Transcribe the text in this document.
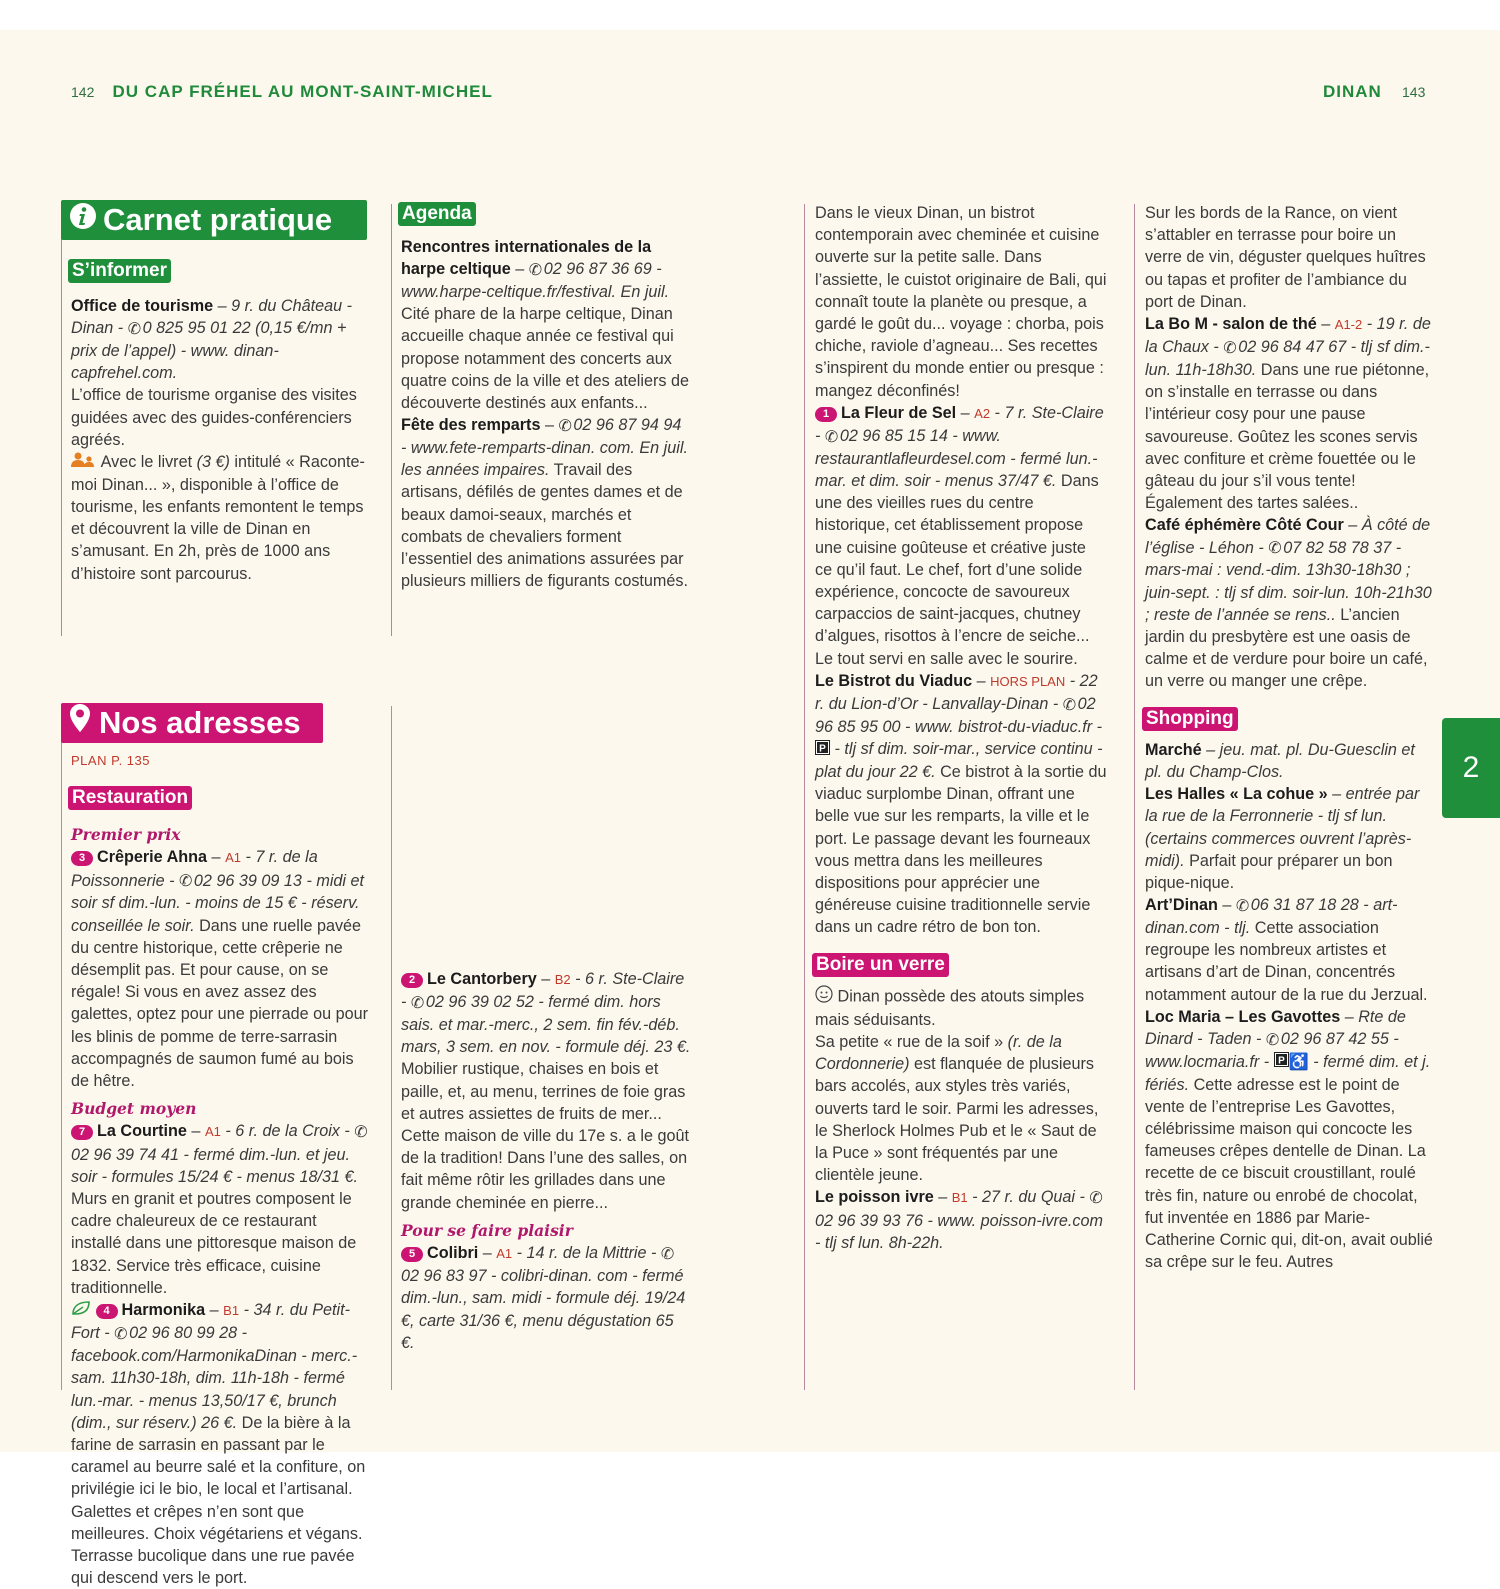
142 DU CAP FRÉHEL AU MONT-SAINT-MICHEL	DINAN 143
2
Carnet pratique

S’informer

Office de tourisme – 9 r. du Château - Dinan - ✆ 0 825 95 01 22 (0,15 €/mn + prix de l’appel) - www. dinan-capfrehel.com.

L’office de tourisme organise des visites guidées avec des guides-conférenciers agréés.

Avec le livret (3 €) intitulé « Raconte-moi Dinan... », disponible à l’office de tourisme, les enfants remontent le temps et découvrent la ville de Dinan en s’amusant. En 2h, près de 1000 ans d’histoire sont parcourus.

Agenda

Rencontres internationales de la harpe celtique – ✆ 02 96 87 36 69 - www.harpe-celtique.fr/festival. En juil. Cité phare de la harpe celtique, Dinan accueille chaque année ce festival qui propose notamment des concerts aux quatre coins de la ville et des ateliers de découverte destinés aux enfants...

Fête des remparts – ✆ 02 96 87 94 94 - www.fete-remparts-dinan. com. En juil. les années impaires. Travail des artisans, défilés de gentes dames et de beaux damoi-seaux, marchés et combats de chevaliers forment l’essentiel des animations assurées par plusieurs milliers de figurants costumés.

Nos adresses

PLAN P. 135

Restauration

Premier prix

3 Crêperie Ahna – A1 - 7 r. de la Poissonnerie - ✆ 02 96 39 09 13 - midi et soir sf dim.-lun. - moins de 15 € - réserv. conseillée le soir. Dans une ruelle pavée du centre historique, cette crêperie ne désemplit pas. Et pour cause, on se régale! Si vous en avez assez des galettes, optez pour une pierrade ou pour les blinis de pomme de terre-sarrasin accompagnés de saumon fumé au bois de hêtre.

Budget moyen

7 La Courtine – A1 - 6 r. de la Croix - ✆ 02 96 39 74 41 - fermé dim.-lun. et jeu. soir - formules 15/24 € - menus 18/31 €. Murs en granit et poutres composent le cadre chaleureux de ce restaurant installé dans une pittoresque maison de 1832. Service très efficace, cuisine traditionnelle.

4 Harmonika – B1 - 34 r. du Petit-Fort - ✆ 02 96 80 99 28 - facebook.com/HarmonikaDinan - merc.-sam. 11h30-18h, dim. 11h-18h - fermé lun.-mar. - menus 13,50/17 €, brunch (dim., sur réserv.) 26 €. De la bière à la farine de sarrasin en passant par le caramel au beurre salé et la confiture, on privilégie ici le bio, le local et l’artisanal. Galettes et crêpes n’en sont que meilleures. Choix végétariens et végans. Terrasse bucolique dans une rue pavée qui descend vers le port.

2 Le Cantorbery – B2 - 6 r. Ste-Claire - ✆ 02 96 39 02 52 - fermé dim. hors sais. et mar.-merc., 2 sem. fin fév.-déb. mars, 3 sem. en nov. - formule déj. 23 €. Mobilier rustique, chaises en bois et paille, et, au menu, terrines de foie gras et autres assiettes de fruits de mer... Cette maison de ville du 17e s. a le goût de la tradition! Dans l’une des salles, on fait même rôtir les grillades dans une grande cheminée en pierre...

Pour se faire plaisir

5 Colibri – A1 - 14 r. de la Mittrie - ✆ 02 96 83 97 - colibri-dinan. com - fermé dim.-lun., sam. midi - formule déj. 19/24 €, carte 31/36 €, menu dégustation 65 €.

Dans le vieux Dinan, un bistrot contemporain avec cheminée et cuisine ouverte sur la petite salle. Dans l’assiette, le cuistot originaire de Bali, qui connaît toute la planète ou presque, a gardé le goût du... voyage : chorba, pois chiche, raviole d’agneau... Ses recettes s’inspirent du monde entier ou presque : mangez déconfinés!

1 La Fleur de Sel – A2 - 7 r. Ste-Claire - ✆ 02 96 85 15 14 - www. restaurantlafleurdesel.com - fermé lun.-mar. et dim. soir - menus 37/47 €. Dans une des vieilles rues du centre historique, cet établissement propose une cuisine goûteuse et créative juste ce qu’il faut. Le chef, fort d’une solide expérience, concocte de savoureux carpaccios de saint-jacques, chutney d’algues, risottos à l’encre de seiche... Le tout servi en salle avec le sourire.

Le Bistrot du Viaduc – HORS PLAN - 22 r. du Lion-d’Or - Lanvallay-Dinan - ✆ 02 96 85 95 00 - www. bistrot-du-viaduc.fr -
P - tlj sf dim. soir-mar., service continu - plat du jour 22 €. Ce bistrot à la sortie du viaduc surplombe Dinan, offrant une belle vue sur les remparts, la ville et le port. Le passage devant les fourneaux vous mettra dans les meilleures dispositions pour apprécier une généreuse cuisine traditionnelle servie dans un cadre rétro de bon ton.

Boire un verre

Dinan possède des atouts simples mais séduisants.

Sa petite « rue de la soif » (r. de la Cordonnerie) est flanquée de plusieurs bars accolés, aux styles très variés, ouverts tard le soir. Parmi les adresses, le Sherlock Holmes Pub et le « Saut de la Puce » sont fréquentés par une clientèle jeune.

Le poisson ivre – B1 - 27 r. du Quai - ✆ 02 96 39 93 76 - www. poisson-ivre.com - tlj sf lun. 8h-22h.

Sur les bords de la Rance, on vient s’attabler en terrasse pour boire un verre de vin, déguster quelques huîtres ou tapas et profiter de l’ambiance du port de Dinan.

La Bo M - salon de thé – A1-2 - 19 r. de la Chaux - ✆ 02 96 84 47 67 - tlj sf dim.-lun. 11h-18h30. Dans une rue piétonne, on s’installe en terrasse ou dans l’intérieur cosy pour une pause savoureuse. Goûtez les scones servis avec confiture et crème fouettée ou le gâteau du jour s’il vous tente! Également des tartes salées..

Café éphémère Côté Cour – À côté de l’église - Léhon - ✆ 07 82 58 78 37 - mars-mai : vend.-dim. 13h30-18h30 ; juin-sept. : tlj sf dim. soir-lun. 10h-21h30 ; reste de l’année se rens.. L’ancien jardin du presbytère est une oasis de calme et de verdure pour boire un café, un verre ou manger une crêpe.

Shopping

Marché – jeu. mat. pl. Du-Guesclin et pl. du Champ-Clos.

Les Halles « La cohue » – entrée par la rue de la Ferronnerie - tlj sf lun. (certains commerces ouvrent l’après-midi). Parfait pour préparer un bon pique-nique.

Art’Dinan – ✆ 06 31 87 18 28 - art-dinan.com - tlj. Cette association regroupe les nombreux artistes et artisans d’art de Dinan, concentrés notamment autour de la rue du Jerzual.

Loc Maria – Les Gavottes – Rte de Dinard - Taden - ✆ 02 96 87 42 55 - www.locmaria.fr - P ♿ - fermé dim. et j. fériés. Cette adresse est le point de vente de l’entreprise Les Gavottes, célébrissime maison qui concocte les fameuses crêpes dentelle de Dinan. La recette de ce biscuit croustillant, roulé très fin, nature ou enrobé de chocolat, fut inventée en 1886 par Marie-Catherine Cornic qui, dit-on, avait oublié sa crêpe sur le feu. Autres
